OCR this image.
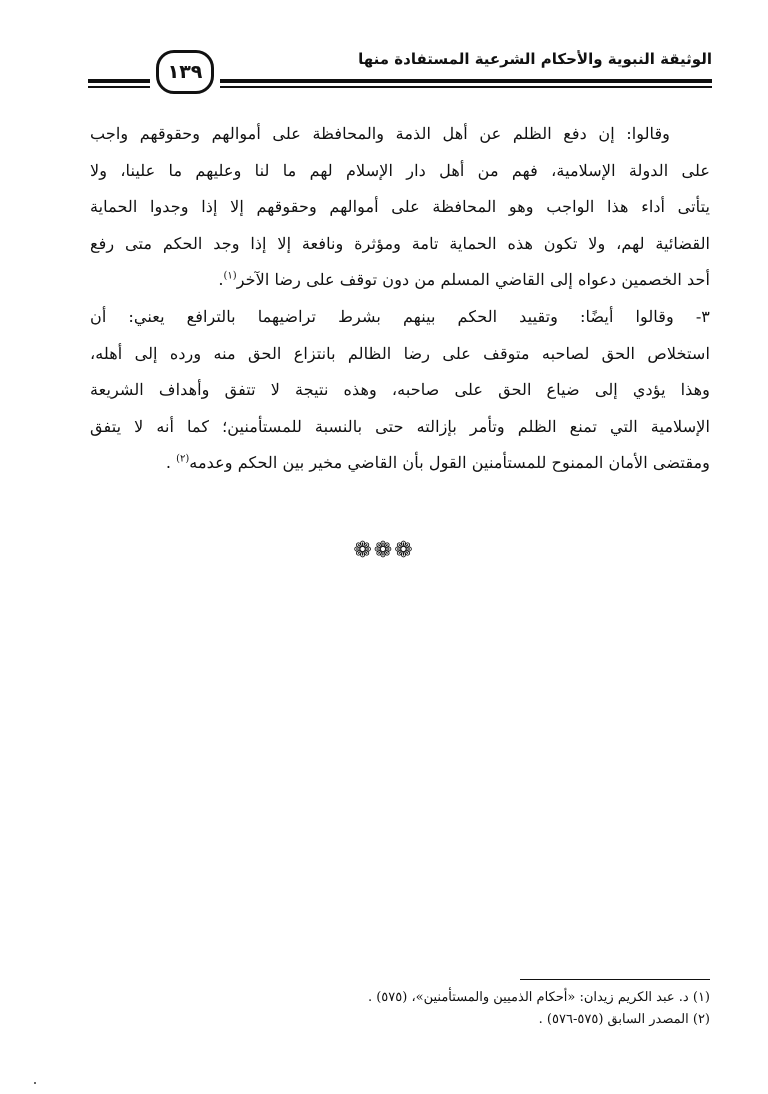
الوثيقة النبوية والأحكام الشرعية المستفادة منها
١٣٩
وقالوا: إن دفع الظلم عن أهل الذمة والمحافظة على أموالهم وحقوقهم واجب
على الدولة الإسلامية، فهم من أهل دار الإسلام لهم ما لنا وعليهم ما علينا، ولا
يتأتى أداء هذا الواجب وهو المحافظة على أموالهم وحقوقهم إلا إذا وجدوا الحماية
القضائية لهم، ولا تكون هذه الحماية تامة ومؤثرة ونافعة إلا إذا وجد الحكم متى رفع
أحد الخصمين دعواه إلى القاضي المسلم من دون توقف على رضا الآخر$^{(١)}$.
٣- وقالوا أيضًا: وتقييد الحكم بينهم بشرط تراضيهما بالترافع يعني: أن
استخلاص الحق لصاحبه متوقف على رضا الظالم بانتزاع الحق منه ورده إلى أهله،
وهذا يؤدي إلى ضياع الحق على صاحبه، وهذه نتيجة لا تتفق وأهداف الشريعة
الإسلامية التي تمنع الظلم وتأمر بإزالته حتى بالنسبة للمستأمنين؛ كما أنه لا يتفق
ومقتضى الأمان الممنوح للمستأمنين القول بأن القاضي مخير بين الحكم وعدمه$^{(٢)}$ .
❁❁❁
(١) د. عبد الكريم زيدان: «أحكام الذميين والمستأمنين»، (٥٧٥) .
(٢) المصدر السابق (٥٧٥-٥٧٦) .
